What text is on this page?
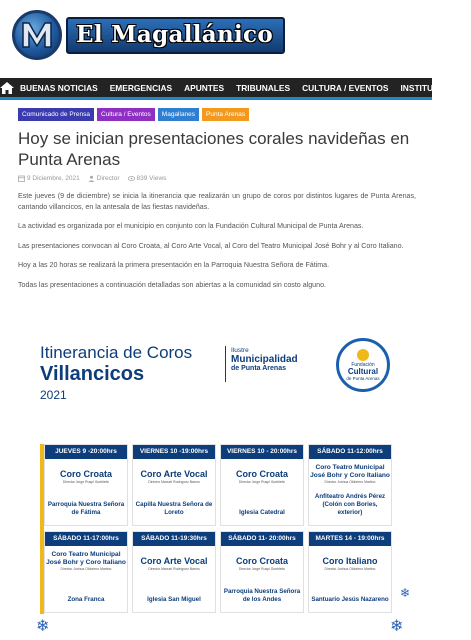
El Magallánico
BUENAS NOTICIAS	EMERGENCIAS	APUNTES	TRIBUNALES	CULTURA / EVENTOS	INSTITUCIONES
Comunicado de Prensa	Cultura / Eventos	Magallanes	Punta Arenas
Hoy se inician presentaciones corales navideñas en Punta Arenas
9 Diciembre, 2021	Director	839 Views

Este jueves (9 de diciembre) se inicia la itinerancia que realizarán un grupo de coros por distintos lugares de Punta Arenas, cantando villancicos, en la antesala de las fiestas navideñas.

La actividad es organizada por el municipio en conjunto con la Fundación Cultural Municipal de Punta Arenas.

Las presentaciones convocan al Coro Croata, al Coro Arte Vocal, al Coro del Teatro Municipal José Bohr y al Coro Italiano.

Hoy a las 20 horas se realizará la primera presentación en la Parroquia Nuestra Señora de Fátima.

Todas las presentaciones a continuación detalladas son abiertas a la comunidad sin costo alguno.

Itinerancia de Coros
Villancicos
2021
Ilustre
Municipalidad
de Punta Arenas	Fundación
Cultural
de Punta Arenas
JUEVES 9 -20:00hrs
Coro Croata
Director Jorge Ruspi Guebletic
Parroquia Nuestra Señora de Fátima
VIERNES 10 -19:00hrs
Coro Arte Vocal
Director Manuel Rodríguez Barros
Capilla Nuestra Señora de Loreto
VIERNES 10 - 20:00hrs
Coro Croata
Director Jorge Ruspi Guebletic
Iglesia Catedral
SÁBADO 11-12:00hrs
Coro Teatro Municipal José Bohr y Coro Italiano
Director Joshua Olóbriero Martino
Anfiteatro Andrés Pérez (Colón con Bories, exterior)
SÁBADO 11-17:00hrs
Coro Teatro Municipal José Bohr y Coro Italiano
Director Joshua Olóbriero Martino
Zona Franca
SÁBADO 11-19:30hrs
Coro Arte Vocal
Director Manuel Rodríguez Barros
Iglesia San Miguel
SÁBADO 11- 20:00hrs
Coro Croata
Director Jorge Ruspi Guebletic
Parroquia Nuestra Señora de los Andes
MARTES 14 - 19:00hrs
Coro Italiano
Director Joshua Olóbriero Martino
Santuario Jesús Nazareno
❄
❄
❄
